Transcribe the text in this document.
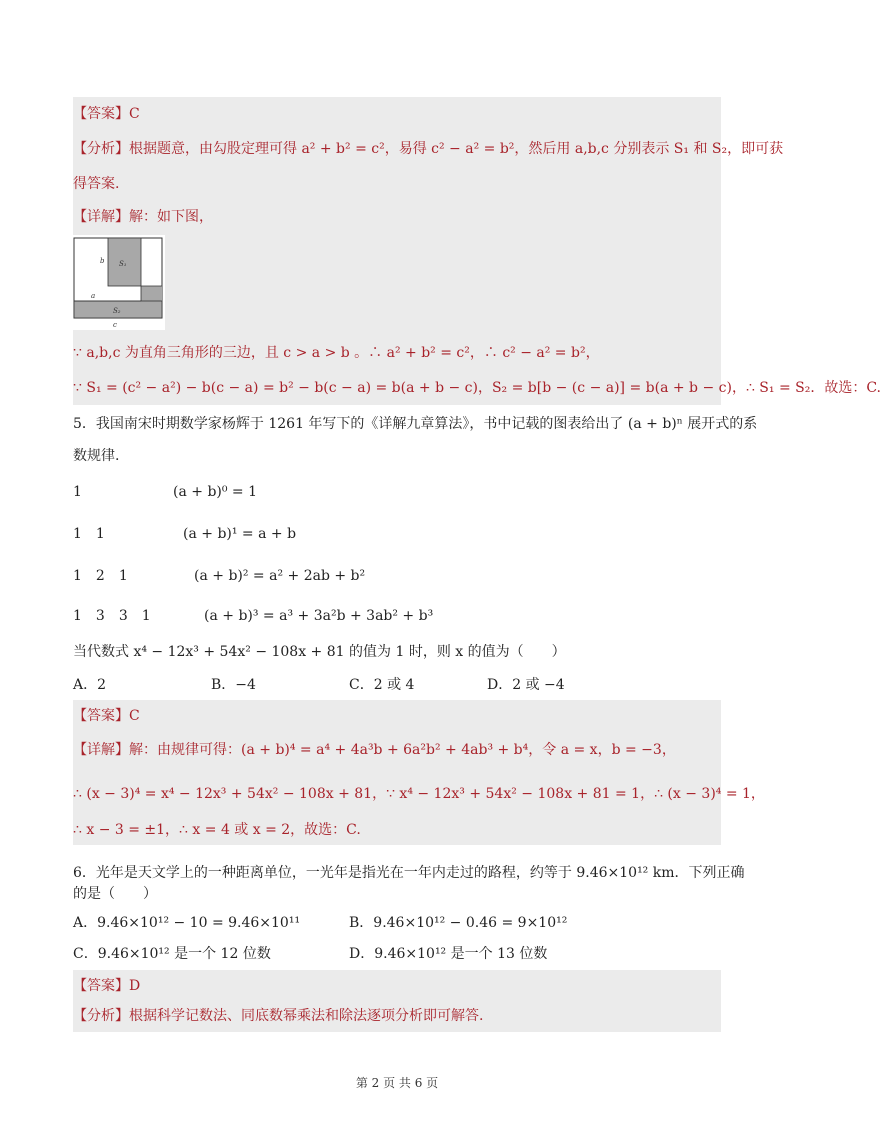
【答案】C
【分析】根据题意，由勾股定理可得 a² + b² = c²，易得 c² − a² = b²，然后用 a,b,c 分别表示 S₁ 和 S₂，即可获
得答案.
【详解】解：如下图，
b S₁
a
S₂
c
∵ a,b,c 为直角三角形的三边，且 c > a > b 。∴ a² + b² = c²，∴ c² − a² = b²，
∵ S₁ = (c² − a²) − b(c − a) = b² − b(c − a) = b(a + b − c)，S₂ = b[b − (c − a)] = b(a + b − c)，∴ S₁ = S₂．故选：C.
5．我国南宋时期数学家杨辉于 1261 年写下的《详解九章算法》，书中记载的图表给出了 (a + b)ⁿ 展开式的系
数规律.
1	(a + b)⁰ = 1
1　1	(a + b)¹ = a + b
1　2　1	(a + b)² = a² + 2ab + b²
1　3　3　1	(a + b)³ = a³ + 3a²b + 3ab² + b³
当代数式 x⁴ − 12x³ + 54x² − 108x + 81 的值为 1 时，则 x 的值为（　　）
A．2	B．−4	C．2 或 4	D．2 或 −4
【答案】C
【详解】解：由规律可得：(a + b)⁴ = a⁴ + 4a³b + 6a²b² + 4ab³ + b⁴，令 a = x，b = −3，
∴ (x − 3)⁴ = x⁴ − 12x³ + 54x² − 108x + 81，∵ x⁴ − 12x³ + 54x² − 108x + 81 = 1，∴ (x − 3)⁴ = 1，
∴ x − 3 = ±1，∴ x = 4 或 x = 2，故选：C.
6．光年是天文学上的一种距离单位，一光年是指光在一年内走过的路程，约等于 9.46×10¹² km．下列正确
的是（　　）
A．9.46×10¹² − 10 = 9.46×10¹¹	B．9.46×10¹² − 0.46 = 9×10¹²
C．9.46×10¹² 是一个 12 位数	D．9.46×10¹² 是一个 13 位数
【答案】D
【分析】根据科学记数法、同底数幂乘法和除法逐项分析即可解答.
第 2 页 共 6 页
